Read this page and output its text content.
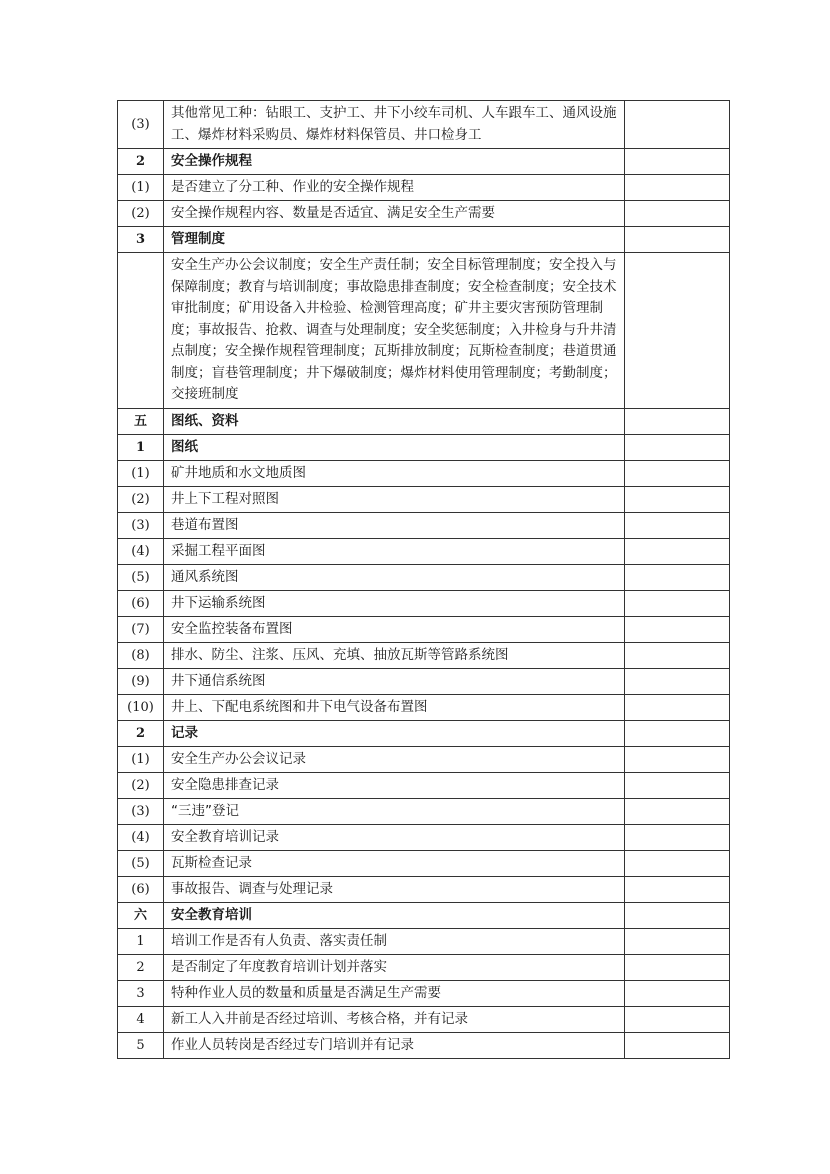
(3)	其他常见工种：钻眼工、支护工、井下小绞车司机、人车跟车工、通风设施工、爆炸材料采购员、爆炸材料保管员、井口检身工	
2	安全操作规程	
(1)	是否建立了分工种、作业的安全操作规程	
(2)	安全操作规程内容、数量是否适宜、满足安全生产需要	
3	管理制度	
	安全生产办公会议制度；安全生产责任制；安全目标管理制度；安全投入与保障制度；教育与培训制度；事故隐患排查制度；安全检查制度；安全技术审批制度；矿用设备入井检验、检测管理高度；矿井主要灾害预防管理制度；事故报告、抢救、调查与处理制度；安全奖惩制度；入井检身与升井清点制度；安全操作规程管理制度；瓦斯排放制度；瓦斯检查制度；巷道贯通制度；盲巷管理制度；井下爆破制度；爆炸材料使用管理制度；考勤制度；交接班制度	
五	图纸、资料	
1	图纸	
(1)	矿井地质和水文地质图	
(2)	井上下工程对照图	
(3)	巷道布置图	
(4)	采掘工程平面图	
(5)	通风系统图	
(6)	井下运输系统图	
(7)	安全监控装备布置图	
(8)	排水、防尘、注浆、压风、充填、抽放瓦斯等管路系统图	
(9)	井下通信系统图	
(10)	井上、下配电系统图和井下电气设备布置图	
2	记录	
(1)	安全生产办公会议记录	
(2)	安全隐患排查记录	
(3)	“三违”登记	
(4)	安全教育培训记录	
(5)	瓦斯检查记录	
(6)	事故报告、调查与处理记录	
六	安全教育培训	
1	培训工作是否有人负责、落实责任制	
2	是否制定了年度教育培训计划并落实	
3	特种作业人员的数量和质量是否满足生产需要	
4	新工人入井前是否经过培训、考核合格，并有记录	
5	作业人员转岗是否经过专门培训并有记录	
